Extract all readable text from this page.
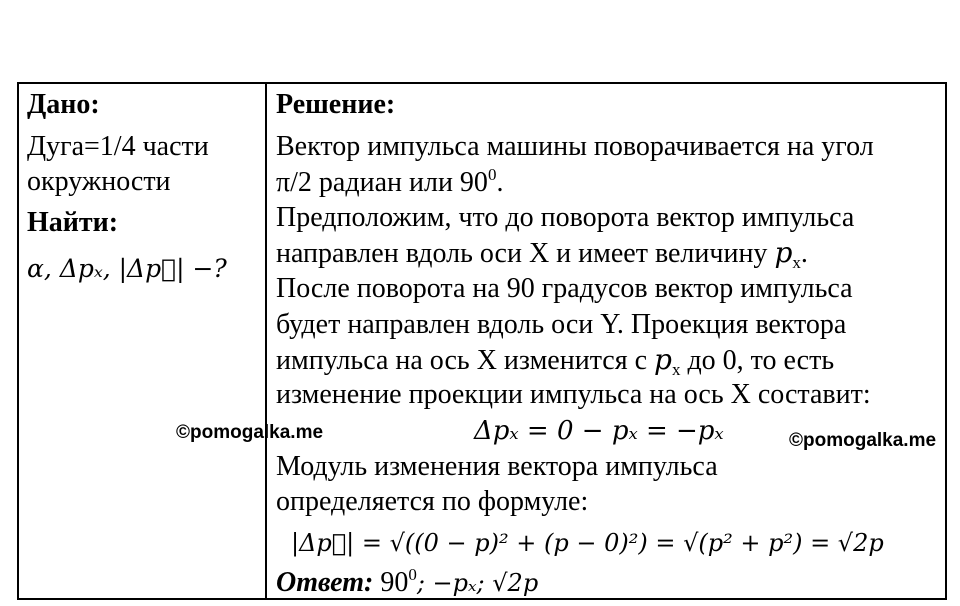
Дано:
Дуга=1/4 части
окружности
Найти:
α, Δpₓ, |Δp⃗| −?
Решение:
Вектор импульса машины поворачивается на угол
π/2 радиан или $90^0$.
Предположим, что до поворота вектор импульса
направлен вдоль оси X и имеет величину $p_x$.
После поворота на 90 градусов вектор импульса
будет направлен вдоль оси Y. Проекция вектора
импульса на ось X изменится с $p_x$ до 0, то есть
изменение проекции импульса на ось X составит:
Δpₓ = 0 − pₓ = −pₓ
Модуль изменения вектора импульса
определяется по формуле:
|Δp⃗| = √((0 − p)² + (p − 0)²) = √(p² + p²) = √2p
Ответ: $90^0$; −pₓ; √2p
©pomogalka.me	©pomogalka.me
